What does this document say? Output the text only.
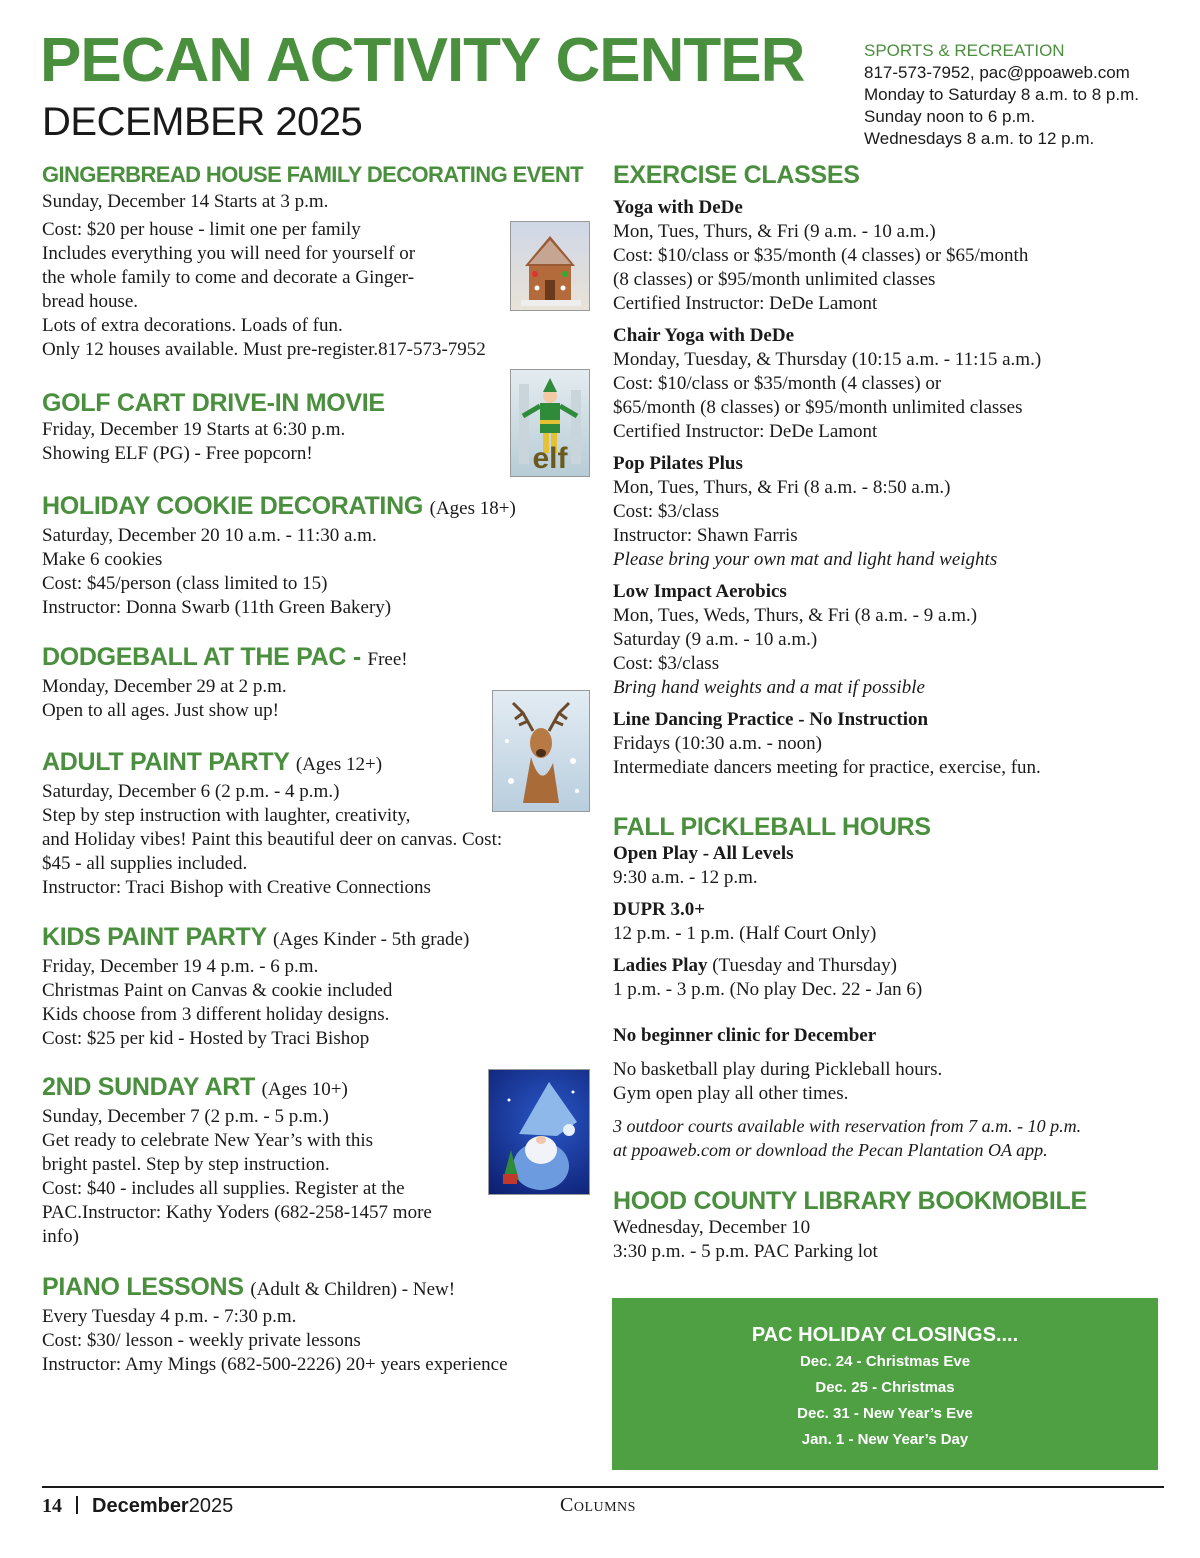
PECAN ACTIVITY CENTER
DECEMBER 2025
SPORTS & RECREATION
817-573-7952, pac@ppoaweb.com
Monday to Saturday 8 a.m. to 8 p.m.
Sunday noon to 6 p.m.
Wednesdays 8 a.m. to 12 p.m.
GINGERBREAD HOUSE FAMILY DECORATING EVENT
Sunday, December 14 Starts at 3 p.m.
Cost: $20 per house - limit one per family
Includes everything you will need for yourself or
the whole family to come and decorate a Ginger-
bread house.
Lots of extra decorations. Loads of fun.
Only 12 houses available. Must pre-register.817-573-7952
GOLF CART DRIVE-IN MOVIE
Friday, December 19 Starts at 6:30 p.m.
Showing ELF (PG) - Free popcorn!
HOLIDAY COOKIE DECORATING (Ages 18+)
Saturday, December 20 10 a.m. - 11:30 a.m.
Make 6 cookies
Cost: $45/person (class limited to 15)
Instructor: Donna Swarb (11th Green Bakery)
DODGEBALL AT THE PAC - Free!
Monday, December 29 at 2 p.m.
Open to all ages. Just show up!
ADULT PAINT PARTY (Ages 12+)
Saturday, December 6 (2 p.m. - 4 p.m.)
Step by step instruction with laughter, creativity,
and Holiday vibes! Paint this beautiful deer on canvas. Cost:
$45 - all supplies included.
Instructor: Traci Bishop with Creative Connections
KIDS PAINT PARTY (Ages Kinder - 5th grade)
Friday, December 19 4 p.m. - 6 p.m.
Christmas Paint on Canvas & cookie included
Kids choose from 3 different holiday designs.
Cost: $25 per kid - Hosted by Traci Bishop
2ND SUNDAY ART (Ages 10+)
Sunday, December 7 (2 p.m. - 5 p.m.)
Get ready to celebrate New Year’s with this
bright pastel. Step by step instruction.
Cost: $40 - includes all supplies. Register at the
PAC.Instructor: Kathy Yoders (682-258-1457 more
info)
PIANO LESSONS (Adult & Children) - New!
Every Tuesday 4 p.m. - 7:30 p.m.
Cost: $30/ lesson - weekly private lessons
Instructor: Amy Mings (682-500-2226) 20+ years experience
elf
EXERCISE CLASSES
Yoga with DeDe
Mon, Tues, Thurs, & Fri (9 a.m. - 10 a.m.)
Cost: $10/class or $35/month (4 classes) or $65/month
(8 classes) or $95/month unlimited classes
Certified Instructor: DeDe Lamont
Chair Yoga with DeDe
Monday, Tuesday, & Thursday (10:15 a.m. - 11:15 a.m.)
Cost: $10/class or $35/month (4 classes) or
$65/month (8 classes) or $95/month unlimited classes
Certified Instructor: DeDe Lamont
Pop Pilates Plus
Mon, Tues, Thurs, & Fri (8 a.m. - 8:50 a.m.)
Cost: $3/class
Instructor: Shawn Farris
Please bring your own mat and light hand weights
Low Impact Aerobics
Mon, Tues, Weds, Thurs, & Fri (8 a.m. - 9 a.m.)
Saturday (9 a.m. - 10 a.m.)
Cost: $3/class
Bring hand weights and a mat if possible
Line Dancing Practice - No Instruction
Fridays (10:30 a.m. - noon)
Intermediate dancers meeting for practice, exercise, fun.
FALL PICKLEBALL HOURS
Open Play - All Levels
9:30 a.m. - 12 p.m.
DUPR 3.0+
12 p.m. - 1 p.m. (Half Court Only)
Ladies Play (Tuesday and Thursday)
1 p.m. - 3 p.m. (No play Dec. 22 - Jan 6)
No beginner clinic for December
No basketball play during Pickleball hours.
Gym open play all other times.
3 outdoor courts available with reservation from 7 a.m. - 10 p.m.
at ppoaweb.com or download the Pecan Plantation OA app.
HOOD COUNTY LIBRARY BOOKMOBILE
Wednesday, December 10
3:30 p.m. - 5 p.m. PAC Parking lot
PAC HOLIDAY CLOSINGS....
Dec. 24 - Christmas Eve
Dec. 25 - Christmas
Dec. 31 - New Year’s Eve
Jan. 1 - New Year’s Day
14 December2025	Columns
